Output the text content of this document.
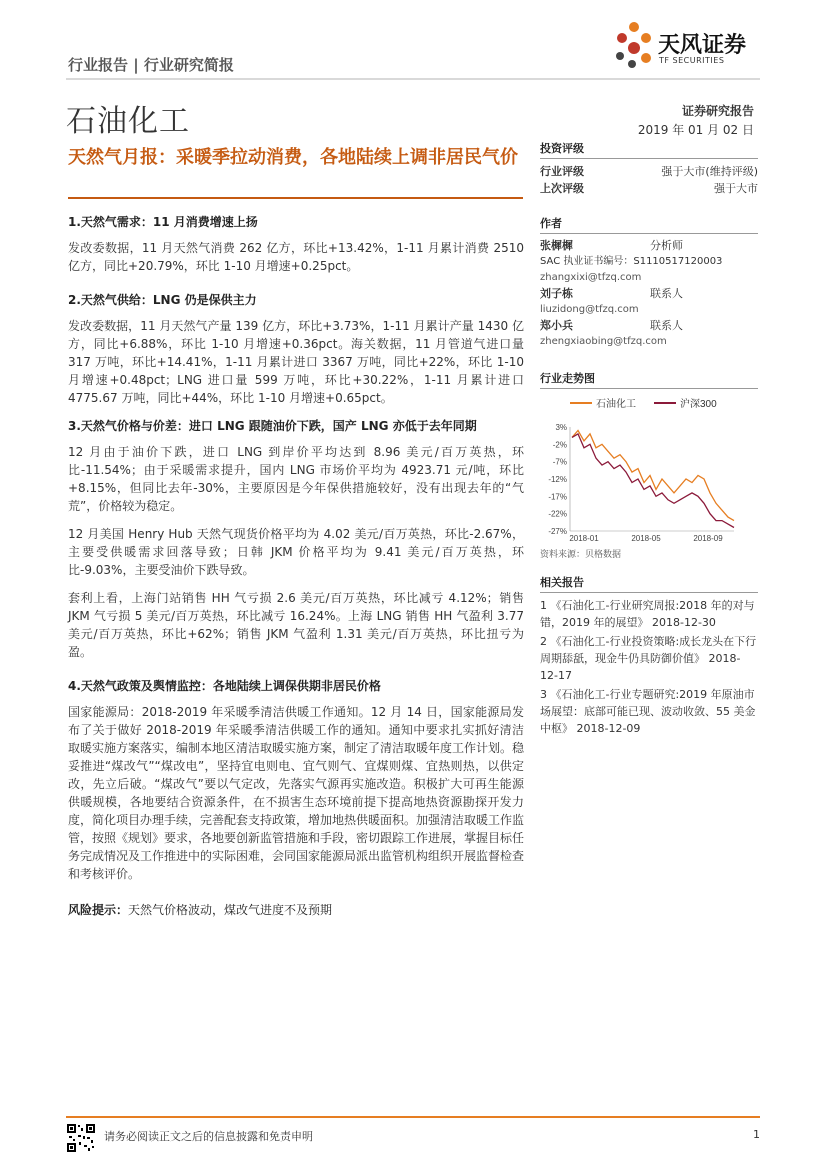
行业报告 | 行业研究简报
石油化工
天风证券
TF SECURITIES
证券研究报告
2019 年 01 月 02 日
天然气月报：采暖季拉动消费，各地陆续上调非居民气价
1.天然气需求：11 月消费增速上扬
发改委数据，11 月天然气消费 262 亿方，环比+13.42%，1-11 月累计消费 2510 亿方，同比+20.79%，环比 1-10 月增速+0.25pct。
2.天然气供给：LNG 仍是保供主力
发改委数据，11 月天然气产量 139 亿方，环比+3.73%，1-11 月累计产量 1430 亿方，同比+6.88%，环比 1-10 月增速+0.36pct。海关数据，11 月管道气进口量 317 万吨，环比+14.41%，1-11 月累计进口 3367 万吨，同比+22%，环比 1-10 月增速+0.48pct；LNG 进口量 599 万吨，环比+30.22%，1-11 月累计进口 4775.67 万吨，同比+44%，环比 1-10 月增速+0.65pct。
3.天然气价格与价差：进口 LNG 跟随油价下跌，国产 LNG 亦低于去年同期
12 月由于油价下跌，进口 LNG 到岸价平均达到 8.96 美元/百万英热，环比-11.54%；由于采暖需求提升，国内 LNG 市场价平均为 4923.71 元/吨，环比+8.15%，但同比去年-30%，主要原因是今年保供措施较好，没有出现去年的“气荒”，价格较为稳定。
12 月美国 Henry Hub 天然气现货价格平均为 4.02 美元/百万英热，环比-2.67%，主要受供暖需求回落导致；日韩 JKM 价格平均为 9.41 美元/百万英热，环比-9.03%，主要受油价下跌导致。
套利上看，上海门站销售 HH 气亏损 2.6 美元/百万英热，环比减亏 4.12%；销售 JKM 气亏损 5 美元/百万英热，环比减亏 16.24%。上海 LNG 销售 HH 气盈利 3.77 美元/百万英热，环比+62%；销售 JKM 气盈利 1.31 美元/百万英热，环比扭亏为盈。
4.天然气政策及舆情监控：各地陆续上调保供期非居民价格
国家能源局：2018-2019 年采暖季清洁供暖工作通知。12 月 14 日，国家能源局发布了关于做好 2018-2019 年采暖季清洁供暖工作的通知。通知中要求扎实抓好清洁取暖实施方案落实，编制本地区清洁取暖实施方案，制定了清洁取暖年度工作计划。稳妥推进“煤改气”“煤改电”，坚持宜电则电、宜气则气、宜煤则煤、宜热则热，以供定改，先立后破。“煤改气”要以气定改，先落实气源再实施改造。积极扩大可再生能源供暖规模，各地要结合资源条件，在不损害生态环境前提下提高地热资源勘探开发力度，简化项目办理手续，完善配套支持政策，增加地热供暖面积。加强清洁取暖工作监管，按照《规划》要求，各地要创新监管措施和手段，密切跟踪工作进展，掌握目标任务完成情况及工作推进中的实际困难，会同国家能源局派出监管机构组织开展监督检查和考核评价。
风险提示：天然气价格波动，煤改气进度不及预期
投资评级
行业评级	强于大市(维持评级)
上次评级	强于大市
作者
张樨樨	分析师
SAC 执业证书编号：S1110517120003
zhangxixi@tfzq.com
刘子栋	联系人
liuzidong@tfzq.com
郑小兵	联系人
zhengxiaobing@tfzq.com
行业走势图
石油化工	沪深300
3%
-2%
-7%
-12%
-17%
-22%
-27%
2018-01	2018-05	2018-09
资料来源：贝格数据
相关报告
1 《石油化工-行业研究周报:2018 年的对与错，2019 年的展望》 2018-12-30
2 《石油化工-行业投资策略:成长龙头在下行周期舔舐，现金牛仍具防御价值》 2018-12-17
3 《石油化工-行业专题研究:2019 年原油市场展望：底部可能已现、波动收敛、55 美金中枢》 2018-12-09
请务必阅读正文之后的信息披露和免责申明	1
